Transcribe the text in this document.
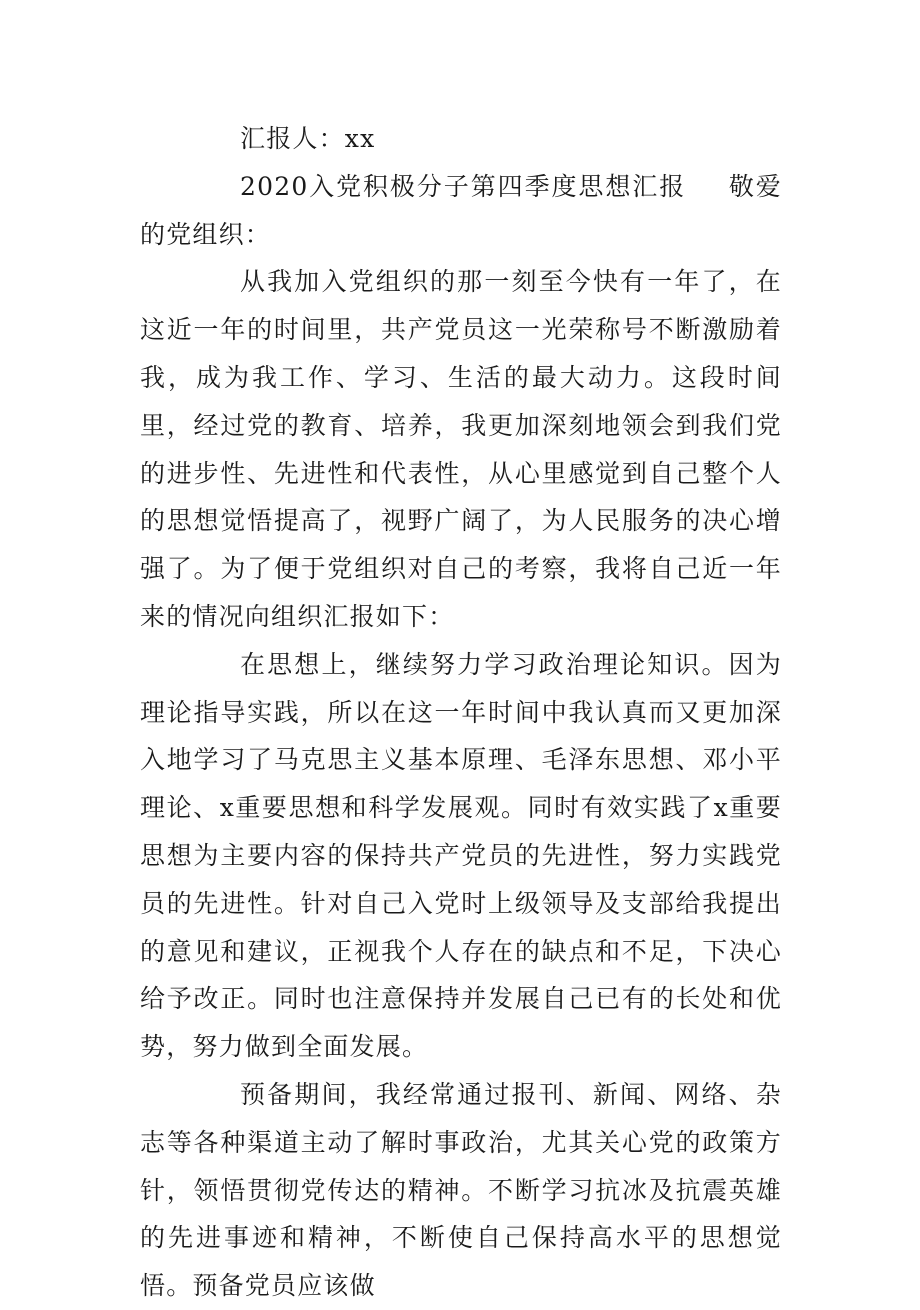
汇报人：xx

2020入党积极分子第四季度思想汇报 敬爱的党组织：

从我加入党组织的那一刻至今快有一年了，在这近一年的时间里，共产党员这一光荣称号不断激励着我，成为我工作、学习、生活的最大动力。这段时间里，经过党的教育、培养，我更加深刻地领会到我们党的进步性、先进性和代表性，从心里感觉到自己整个人的思想觉悟提高了，视野广阔了，为人民服务的决心增强了。为了便于党组织对自己的考察，我将自己近一年来的情况向组织汇报如下：

在思想上，继续努力学习政治理论知识。因为理论指导实践，所以在这一年时间中我认真而又更加深入地学习了马克思主义基本原理、毛泽东思想、邓小平理论、x重要思想和科学发展观。同时有效实践了x重要思想为主要内容的保持共产党员的先进性，努力实践党员的先进性。针对自己入党时上级领导及支部给我提出的意见和建议，正视我个人存在的缺点和不足，下决心给予改正。同时也注意保持并发展自己已有的长处和优势，努力做到全面发展。

预备期间，我经常通过报刊、新闻、网络、杂志等各种渠道主动了解时事政治，尤其关心党的政策方针，领悟贯彻党传达的精神。不断学习抗冰及抗震英雄的先进事迹和精神，不断使自己保持高水平的思想觉悟。预备党员应该做
